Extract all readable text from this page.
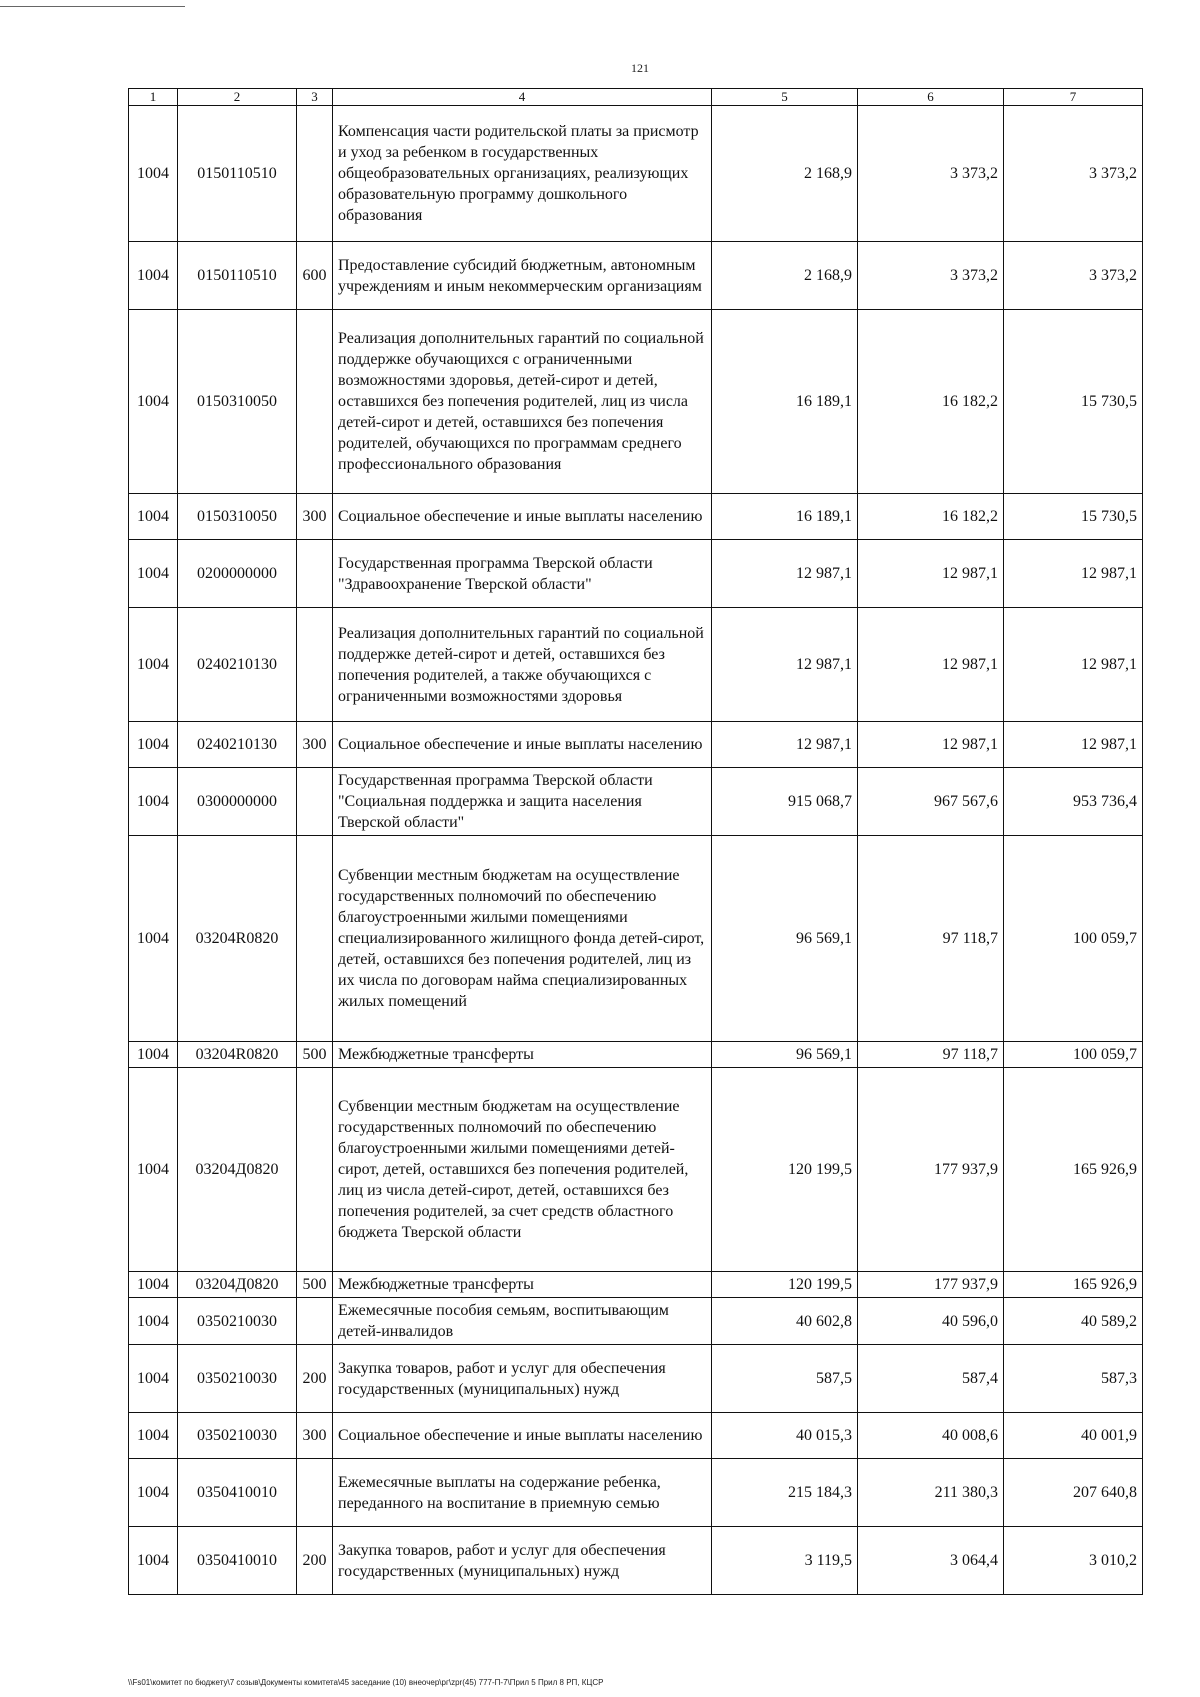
121
1	2	3	4	5	6	7
1004	0150110510		Компенсация части родительской платы за присмотр и уход за ребенком в государственных общеобразовательных организациях, реализующих образовательную программу дошкольного образования	2 168,9	3 373,2	3 373,2
1004	0150110510	600	Предоставление субсидий бюджетным, автономным учреждениям и иным некоммерческим организациям	2 168,9	3 373,2	3 373,2
1004	0150310050		Реализация дополнительных гарантий по социальной поддержке обучающихся с ограниченными возможностями здоровья, детей-сирот и детей, оставшихся без попечения родителей, лиц из числа детей-сирот и детей, оставшихся без попечения родителей, обучающихся по программам среднего профессионального образования	16 189,1	16 182,2	15 730,5
1004	0150310050	300	Социальное обеспечение и иные выплаты населению	16 189,1	16 182,2	15 730,5
1004	0200000000		Государственная программа Тверской области "Здравоохранение Тверской области"	12 987,1	12 987,1	12 987,1
1004	0240210130		Реализация дополнительных гарантий по социальной поддержке детей-сирот и детей, оставшихся без попечения родителей, а также обучающихся с ограниченными возможностями здоровья	12 987,1	12 987,1	12 987,1
1004	0240210130	300	Социальное обеспечение и иные выплаты населению	12 987,1	12 987,1	12 987,1
1004	0300000000		Государственная программа Тверской области "Социальная поддержка и защита населения Тверской области"	915 068,7	967 567,6	953 736,4
1004	03204R0820		Субвенции местным бюджетам на осуществление государственных полномочий по обеспечению благоустроенными жилыми помещениями специализированного жилищного фонда детей-сирот, детей, оставшихся без попечения родителей, лиц из их числа по договорам найма специализированных жилых помещений	96 569,1	97 118,7	100 059,7
1004	03204R0820	500	Межбюджетные трансферты	96 569,1	97 118,7	100 059,7
1004	03204Д0820		Субвенции местным бюджетам на осуществление государственных полномочий по обеспечению благоустроенными жилыми помещениями детей-сирот, детей, оставшихся без попечения родителей, лиц из числа детей-сирот, детей, оставшихся без попечения родителей, за счет средств областного бюджета Тверской области	120 199,5	177 937,9	165 926,9
1004	03204Д0820	500	Межбюджетные трансферты	120 199,5	177 937,9	165 926,9
1004	0350210030		Ежемесячные пособия семьям, воспитывающим детей-инвалидов	40 602,8	40 596,0	40 589,2
1004	0350210030	200	Закупка товаров, работ и услуг для обеспечения государственных (муниципальных) нужд	587,5	587,4	587,3
1004	0350210030	300	Социальное обеспечение и иные выплаты населению	40 015,3	40 008,6	40 001,9
1004	0350410010		Ежемесячные выплаты на содержание ребенка, переданного на воспитание в приемную семью	215 184,3	211 380,3	207 640,8
1004	0350410010	200	Закупка товаров, работ и услуг для обеспечения государственных (муниципальных) нужд	3 119,5	3 064,4	3 010,2
\\Fs01\комитет по бюджету\7 созыв\Документы комитета\45 заседание (10) внеочер\рг\zpr(45) 777-П-7\Прил 5 Прил 8 РП, КЦСР
